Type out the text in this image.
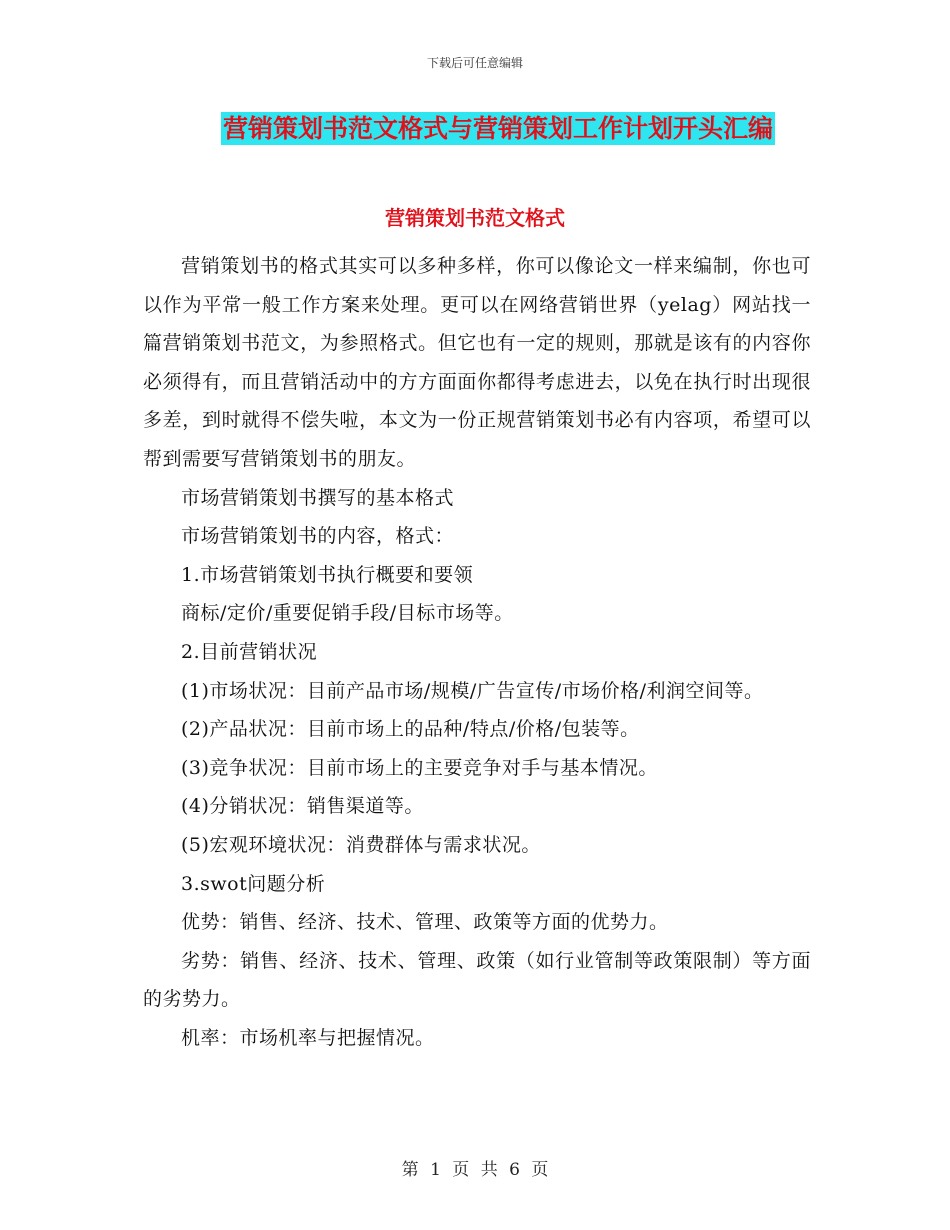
下载后可任意编辑
营销策划书范文格式与营销策划工作计划开头汇编
营销策划书范文格式

营销策划书的格式其实可以多种多样，你可以像论文一样来编制，你也可以作为平常一般工作方案来处理。更可以在网络营销世界（yelag）网站找一篇营销策划书范文，为参照格式。但它也有一定的规则，那就是该有的内容你必须得有，而且营销活动中的方方面面你都得考虑进去，以免在执行时出现很多差，到时就得不偿失啦，本文为一份正规营销策划书必有内容项，希望可以帮到需要写营销策划书的朋友。

市场营销策划书撰写的基本格式

市场营销策划书的内容，格式：

1.市场营销策划书执行概要和要领

商标/定价/重要促销手段/目标市场等。

2.目前营销状况

(1)市场状况：目前产品市场/规模/广告宣传/市场价格/利润空间等。

(2)产品状况：目前市场上的品种/特点/价格/包装等。

(3)竞争状况：目前市场上的主要竞争对手与基本情况。

(4)分销状况：销售渠道等。

(5)宏观环境状况：消费群体与需求状况。

3.swot问题分析

优势：销售、经济、技术、管理、政策等方面的优势力。

劣势：销售、经济、技术、管理、政策（如行业管制等政策限制）等方面的劣势力。

机率：市场机率与把握情况。

第 1 页 共 6 页
